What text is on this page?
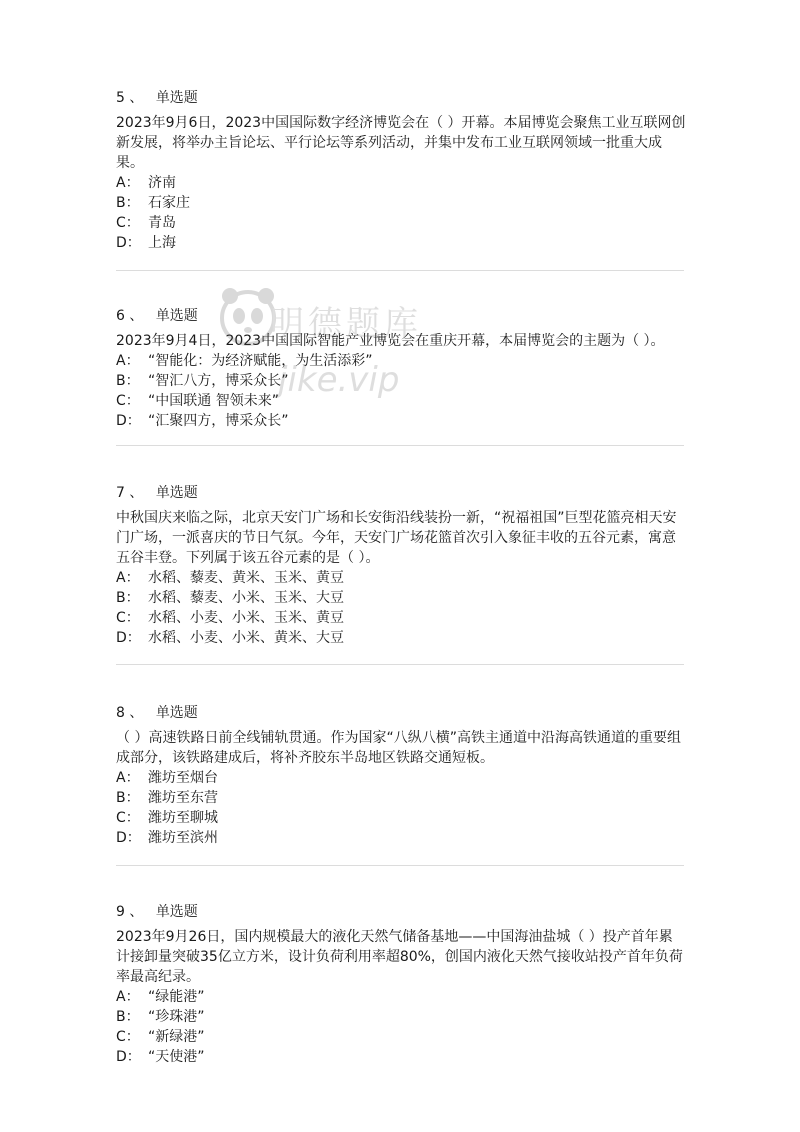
5 、 单选题
2023年9月6日，2023中国国际数字经济博览会在（ ）开幕。本届博览会聚焦工业互联网创新发展，将举办主旨论坛、平行论坛等系列活动，并集中发布工业互联网领域一批重大成果。
A： 济南
B： 石家庄
C： 青岛
D： 上海
6 、 单选题
2023年9月4日，2023中国国际智能产业博览会在重庆开幕，本届博览会的主题为（ ）。
A： “智能化：为经济赋能，为生活添彩”
B： “智汇八方，博采众长”
C： “中国联通 智领未来”
D： “汇聚四方，博采众长”
7 、 单选题
中秋国庆来临之际，北京天安门广场和长安街沿线装扮一新，“祝福祖国”巨型花篮亮相天安门广场，一派喜庆的节日气氛。今年，天安门广场花篮首次引入象征丰收的五谷元素，寓意五谷丰登。下列属于该五谷元素的是（ ）。
A： 水稻、藜麦、黄米、玉米、黄豆
B： 水稻、藜麦、小米、玉米、大豆
C： 水稻、小麦、小米、玉米、黄豆
D： 水稻、小麦、小米、黄米、大豆
8 、 单选题
（ ）高速铁路日前全线铺轨贯通。作为国家“八纵八横”高铁主通道中沿海高铁通道的重要组成部分，该铁路建成后，将补齐胶东半岛地区铁路交通短板。
A： 潍坊至烟台
B： 潍坊至东营
C： 潍坊至聊城
D： 潍坊至滨州
9 、 单选题
2023年9月26日，国内规模最大的液化天然气储备基地——中国海油盐城（ ）投产首年累计接卸量突破35亿立方米，设计负荷利用率超80%，创国内液化天然气接收站投产首年负荷率最高纪录。
A： “绿能港”
B： “珍珠港”
C： “新绿港”
D： “天使港”
明德题库
jike.vip
